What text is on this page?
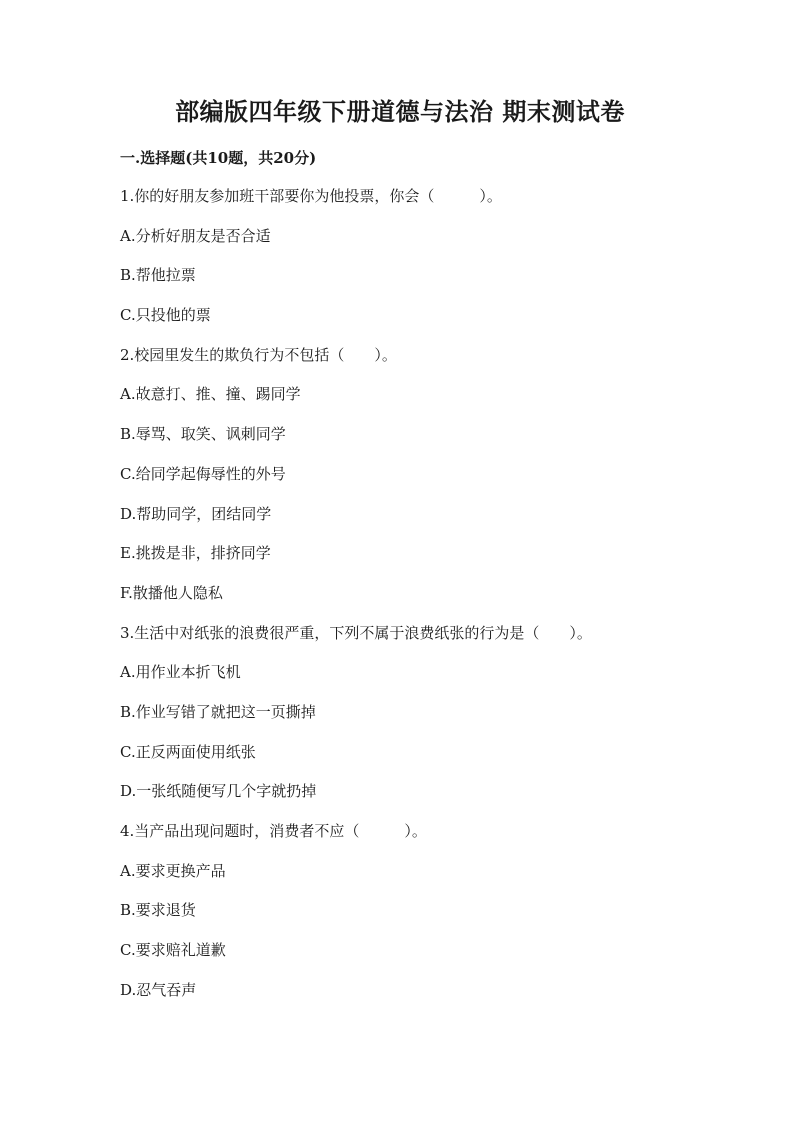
部编版四年级下册道德与法治 期末测试卷
一.选择题(共10题，共20分)
1.你的好朋友参加班干部要你为他投票，你会（　　　）。
A.分析好朋友是否合适
B.帮他拉票
C.只投他的票
2.校园里发生的欺负行为不包括（　　）。
A.故意打、推、撞、踢同学
B.辱骂、取笑、讽刺同学
C.给同学起侮辱性的外号
D.帮助同学，团结同学
E.挑拨是非，排挤同学
F.散播他人隐私
3.生活中对纸张的浪费很严重，下列不属于浪费纸张的行为是（　　）。
A.用作业本折飞机
B.作业写错了就把这一页撕掉
C.正反两面使用纸张
D.一张纸随便写几个字就扔掉
4.当产品出现问题时，消费者不应（　　　）。
A.要求更换产品
B.要求退货
C.要求赔礼道歉
D.忍气吞声
